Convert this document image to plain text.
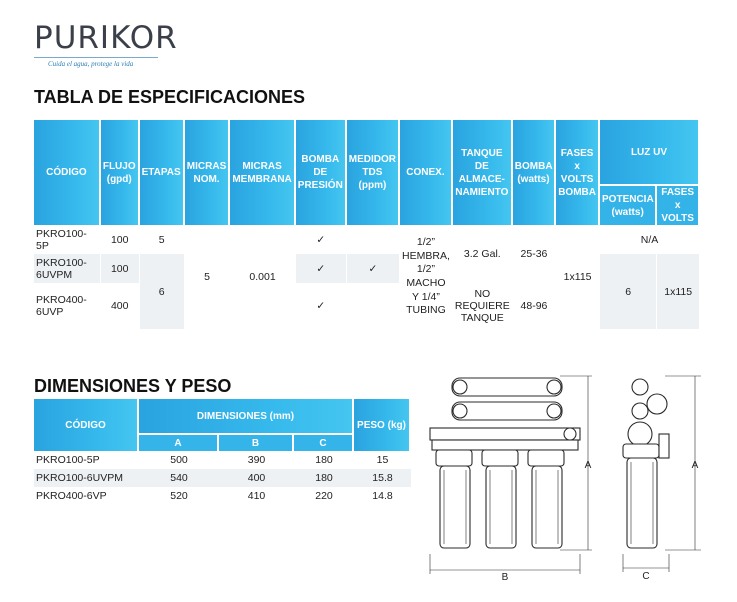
PURIKOR
Cuida el agua, protege la vida
TABLA DE ESPECIFICACIONES
CÓDIGO	FLUJO (gpd)	ETAPAS	MICRAS NOM.	MICRAS MEMBRANA	BOMBA DE PRESIÓN	MEDIDOR TDS (ppm)	CONEX.	TANQUE DE ALMACE-NAMIENTO	BOMBA (watts)	FASES x VOLTS BOMBA	LUZ UV	
											POTENCIA (watts)	FASES x VOLTS
PKRO100-5P	100	5	5	0.001	✓		1/2” HEMBRA, 1/2” MACHO Y 1/4” TUBING	3.2 Gal.	25-36	1x115	N/A	
PKRO100-6UVPM	100	6			✓	✓					6	1x115
PKRO400-6UVP	400				✓			NO REQUIERE TANQUE	48-96			
DIMENSIONES Y PESO
CÓDIGO	DIMENSIONES (mm)			PESO (kg)
	A	B	C	
PKRO100-5P	500	390	180	15
PKRO100-6UVPM	540	400	180	15.8
PKRO400-6VP	520	410	220	14.8
A
B
A
C
